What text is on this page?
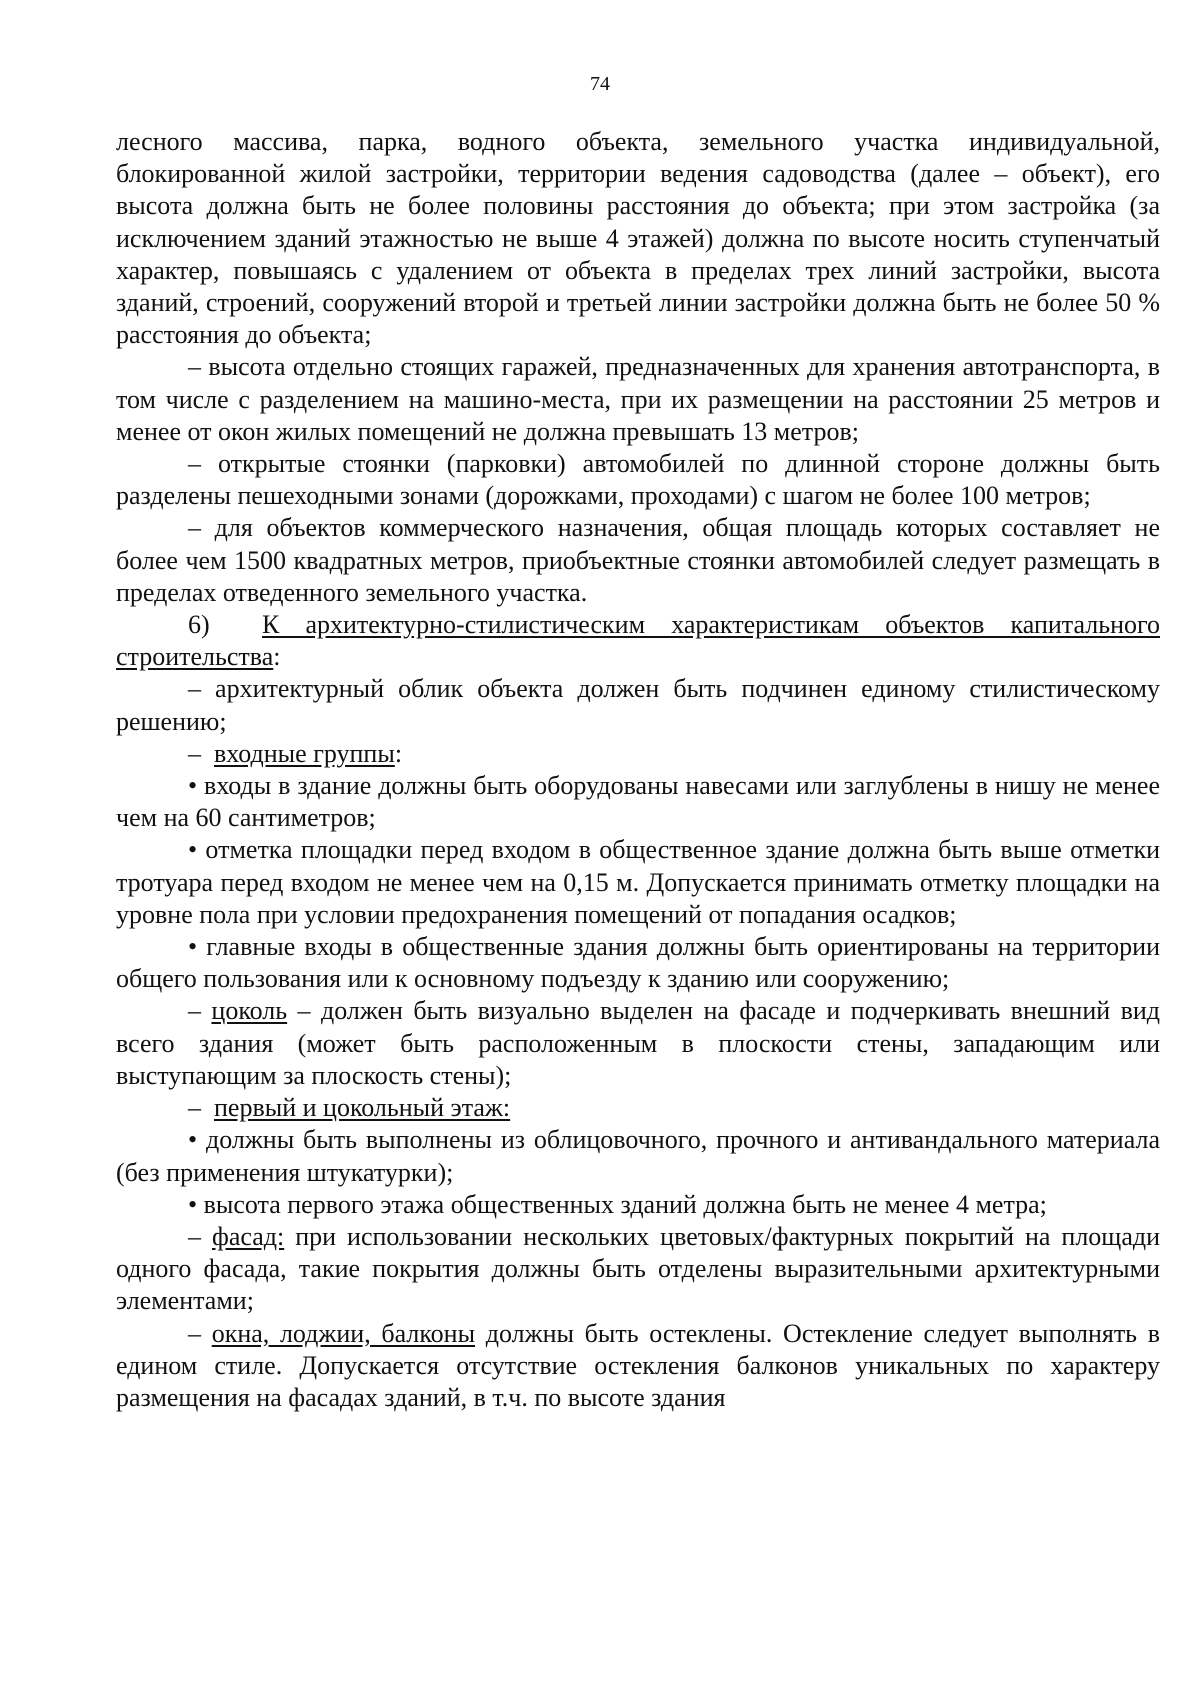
74

лесного массива, парка, водного объекта, земельного участка индивидуальной, блокированной жилой застройки, территории ведения садоводства (далее – объект), его высота должна быть не более половины расстояния до объекта; при этом застройка (за исключением зданий этажностью не выше 4 этажей) должна по высоте носить ступенчатый характер, повышаясь с удалением от объекта в пределах трех линий застройки, высота зданий, строений, сооружений второй и третьей линии застройки должна быть не более 50 % расстояния до объекта;

– высота отдельно стоящих гаражей, предназначенных для хранения автотранспорта, в том числе с разделением на машино-места, при их размещении на расстоянии 25 метров и менее от окон жилых помещений не должна превышать 13 метров;

– открытые стоянки (парковки) автомобилей по длинной стороне должны быть разделены пешеходными зонами (дорожками, проходами) с шагом не более 100 метров;

– для объектов коммерческого назначения, общая площадь которых составляет не более чем 1500 квадратных метров, приобъектные стоянки автомобилей следует размещать в пределах отведенного земельного участка.

6) К архитектурно-стилистическим характеристикам объектов капитального строительства:

– архитектурный облик объекта должен быть подчинен единому стилистическому решению;

– входные группы:

• входы в здание должны быть оборудованы навесами или заглублены в нишу не менее чем на 60 сантиметров;

• отметка площадки перед входом в общественное здание должна быть выше отметки тротуара перед входом не менее чем на 0,15 м. Допускается принимать отметку площадки на уровне пола при условии предохранения помещений от попадания осадков;

• главные входы в общественные здания должны быть ориентированы на территории общего пользования или к основному подъезду к зданию или сооружению;

– цоколь – должен быть визуально выделен на фасаде и подчеркивать внешний вид всего здания (может быть расположенным в плоскости стены, западающим или выступающим за плоскость стены);

– первый и цокольный этаж:

• должны быть выполнены из облицовочного, прочного и антивандального материала (без применения штукатурки);

• высота первого этажа общественных зданий должна быть не менее 4 метра;

– фасад: при использовании нескольких цветовых/фактурных покрытий на площади одного фасада, такие покрытия должны быть отделены выразительными архитектурными элементами;

– окна, лоджии, балконы должны быть остеклены. Остекление следует выполнять в едином стиле. Допускается отсутствие остекления балконов уникальных по характеру размещения на фасадах зданий, в т.ч. по высоте здания
